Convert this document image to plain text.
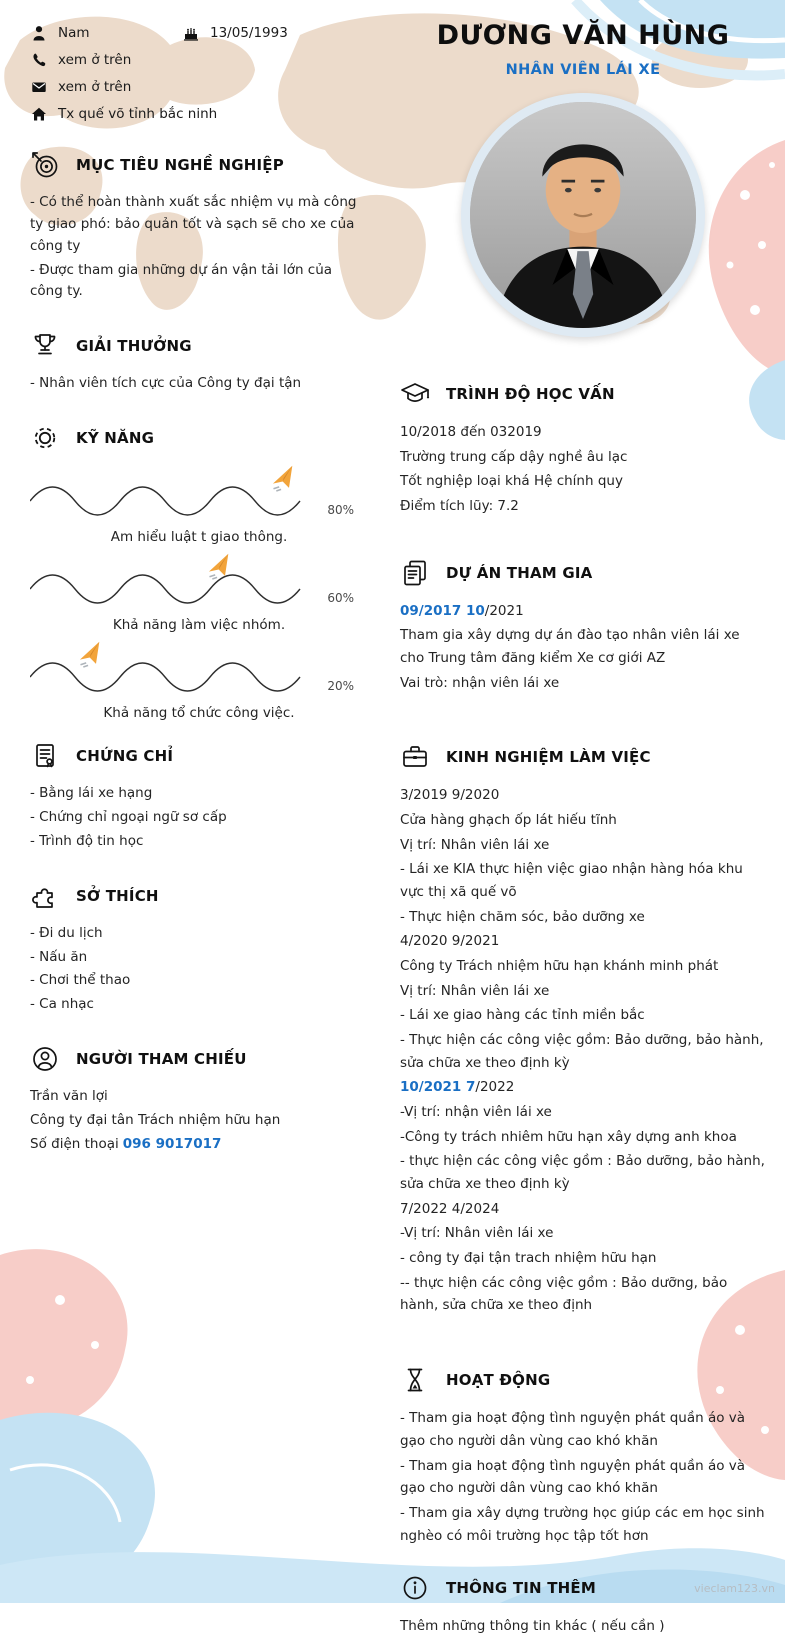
Nam	13/05/1993
xem ở trên
xem ở trên
Tx quế võ tỉnh bắc ninh
MỤC TIÊU NGHỀ NGHIỆP
- Có thể hoàn thành xuất sắc nhiệm vụ mà công ty giao phó: bảo quản tốt và sạch sẽ cho xe của công ty
- Được tham gia những dự án vận tải lớn của công ty.
GIẢI THƯỞNG
- Nhân viên tích cực của Công ty đại tận
KỸ NĂNG
80%
Am hiểu luật t giao thông.
60%
Khả năng làm việc nhóm.
20%
Khả năng tổ chức công việc.
CHỨNG CHỈ
- Bằng lái xe hạng
- Chứng chỉ ngoại ngữ sơ cấp
- Trình độ tin học
SỞ THÍCH
- Đi du lịch
- Nấu ăn
- Chơi thể thao
- Ca nhạc
NGƯỜI THAM CHIẾU
Trần văn lợi
Công ty đại tân Trách nhiệm hữu hạn
Số điện thoại 096 9017017
DƯƠNG VĂN HÙNG
NHÂN VIÊN LÁI XE
TRÌNH ĐỘ HỌC VẤN
10/2018 đến 032019
Trường trung cấp dậy nghề âu lạc
Tốt nghiệp loại khá Hệ chính quy
Điểm tích lũy: 7.2
DỰ ÁN THAM GIA
09/2017 10/2021
Tham gia xây dựng dự án đào tạo nhân viên lái xe cho Trung tâm đăng kiểm Xe cơ giới AZ
Vai trò: nhận viên lái xe
KINH NGHIỆM LÀM VIỆC
3/2019 9/2020
Cửa hàng ghạch ốp lát hiếu tĩnh
Vị trí: Nhân viên lái xe
- Lái xe KIA thực hiện việc giao nhận hàng hóa khu vực thị xã quế võ
- Thực hiện chăm sóc, bảo dưỡng xe
4/2020 9/2021
Công ty Trách nhiệm hữu hạn khánh minh phát
Vị trí: Nhân viên lái xe
- Lái xe giao hàng các tỉnh miền bắc
- Thực hiện các công việc gồm: Bảo dưỡng, bảo hành, sửa chữa xe theo định kỳ
10/2021 7/2022
-Vị trí: nhận viên lái xe
-Công ty trách nhiêm hữu hạn xây dựng anh khoa
- thực hiện các công việc gồm : Bảo dưỡng, bảo hành, sửa chữa xe theo định kỳ
7/2022 4/2024
-Vị trí: Nhân viên lái xe
- công ty đại tận trach nhiệm hữu hạn
-- thực hiện các công việc gồm : Bảo dưỡng, bảo hành, sửa chữa xe theo định
HOẠT ĐỘNG
- Tham gia hoạt động tình nguyện phát quần áo và gạo cho người dân vùng cao khó khăn
- Tham gia hoạt động tình nguyện phát quần áo và gạo cho người dân vùng cao khó khăn
- Tham gia xây dựng trường học giúp các em học sinh nghèo có môi trường học tập tốt hơn
THÔNG TIN THÊM
Thêm những thông tin khác ( nếu cần )
vieclam123.vn
